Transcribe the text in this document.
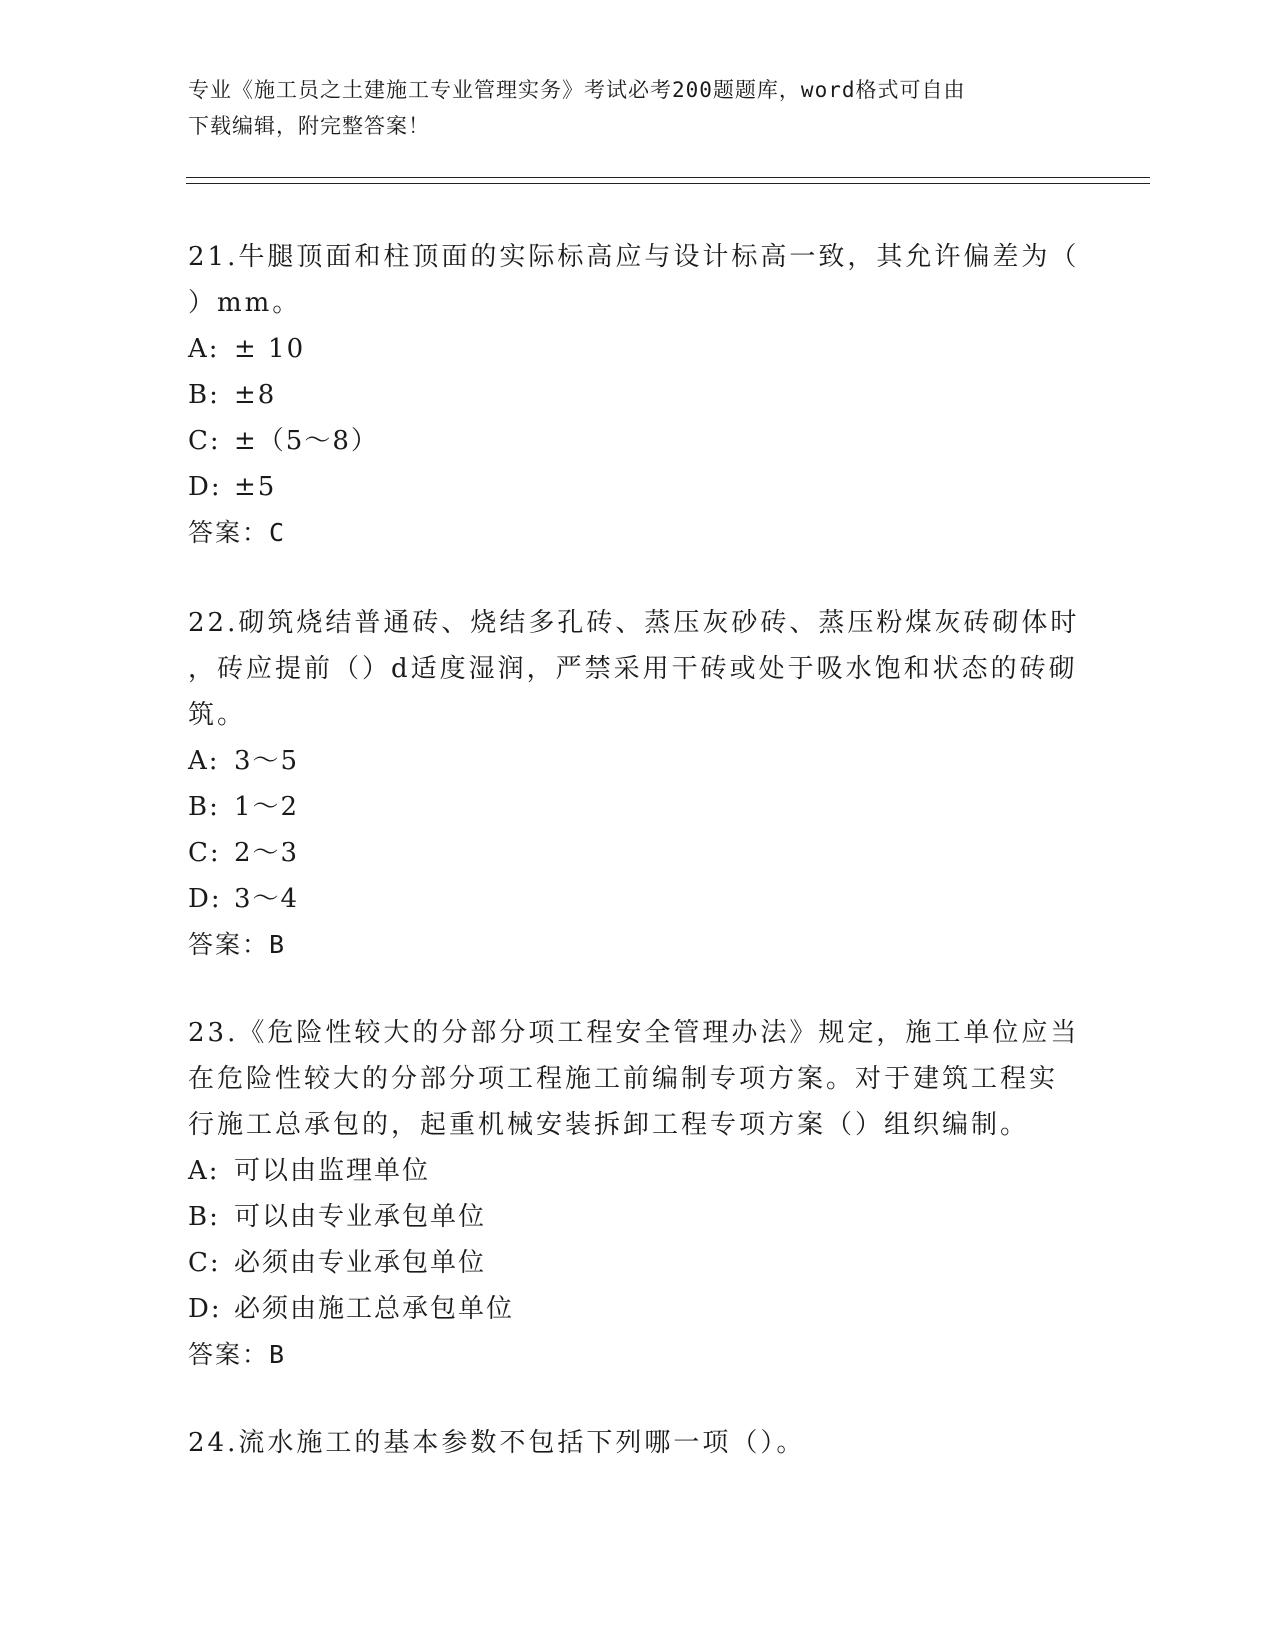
专业《施工员之土建施工专业管理实务》考试必考200题题库，word格式可自由
下载编辑，附完整答案！

21.牛腿顶面和柱顶面的实际标高应与设计标高一致，其允许偏差为（

）mm。

A: ± 10

B: ±8

C: ±（5～8）

D: ±5

答案：C

22.砌筑烧结普通砖、烧结多孔砖、蒸压灰砂砖、蒸压粉煤灰砖砌体时

，砖应提前（）d适度湿润，严禁采用干砖或处于吸水饱和状态的砖砌

筑。

A: 3～5

B: 1～2

C: 2～3

D: 3～4

答案：B

23.《危险性较大的分部分项工程安全管理办法》规定，施工单位应当

在危险性较大的分部分项工程施工前编制专项方案。对于建筑工程实

行施工总承包的，起重机械安装拆卸工程专项方案（）组织编制。

A: 可以由监理单位

B: 可以由专业承包单位

C: 必须由专业承包单位

D: 必须由施工总承包单位

答案：B

24.流水施工的基本参数不包括下列哪一项（）。
